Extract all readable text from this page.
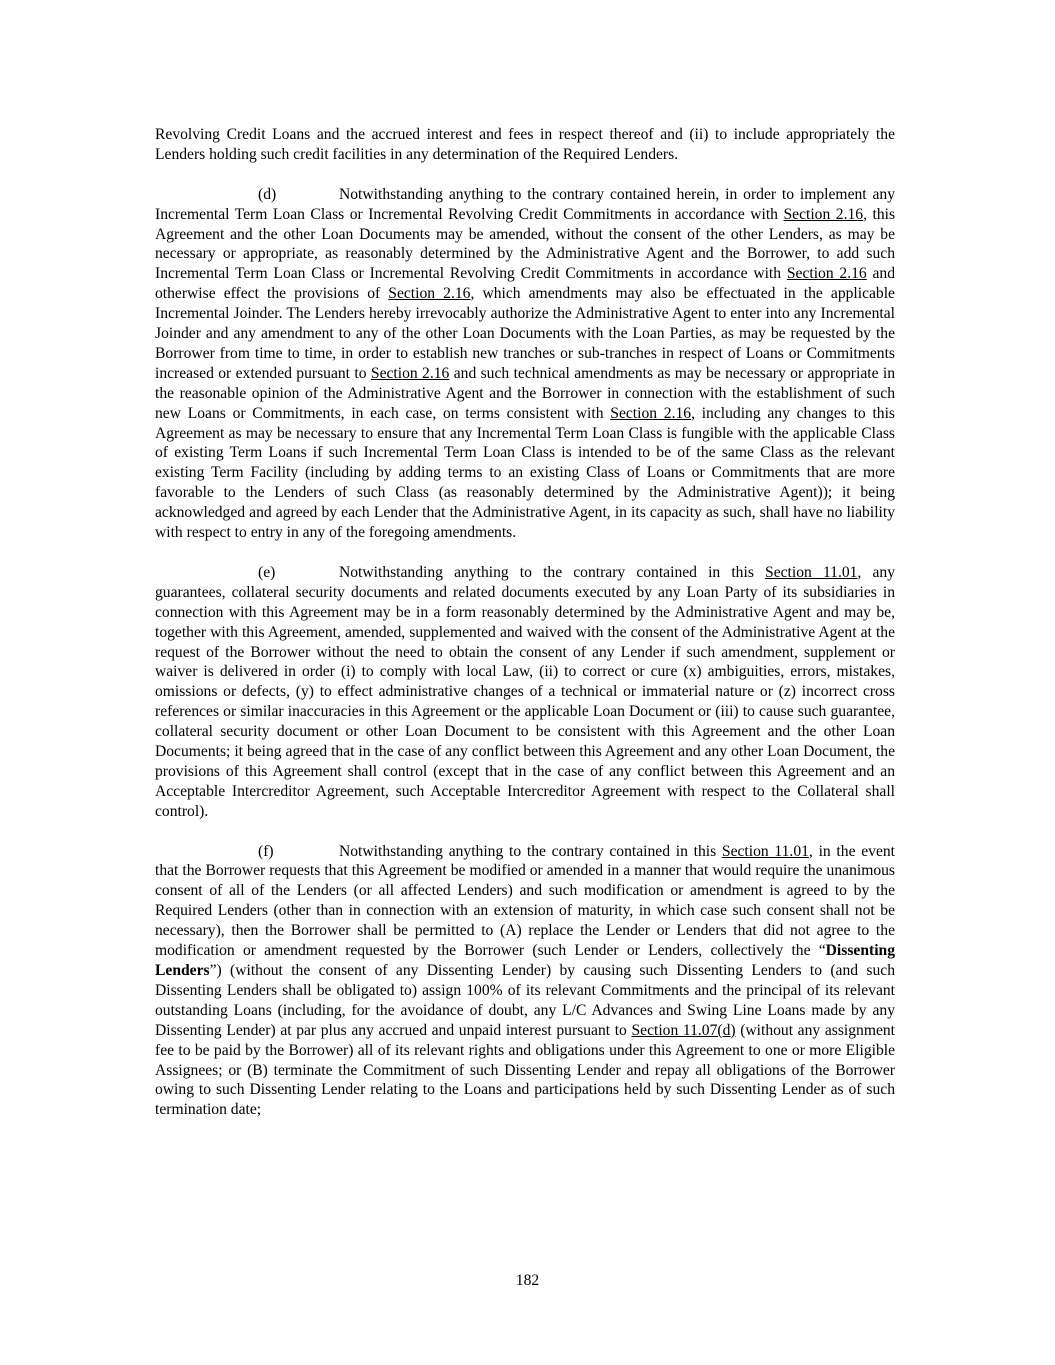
Revolving Credit Loans and the accrued interest and fees in respect thereof and (ii) to include appropriately the Lenders holding such credit facilities in any determination of the Required Lenders.

(d)	Notwithstanding anything to the contrary contained herein, in order to implement any Incremental Term Loan Class or Incremental Revolving Credit Commitments in accordance with Section 2.16, this Agreement and the other Loan Documents may be amended, without the consent of the other Lenders, as may be necessary or appropriate, as reasonably determined by the Administrative Agent and the Borrower, to add such Incremental Term Loan Class or Incremental Revolving Credit Commitments in accordance with Section 2.16 and otherwise effect the provisions of Section 2.16, which amendments may also be effectuated in the applicable Incremental Joinder. The Lenders hereby irrevocably authorize the Administrative Agent to enter into any Incremental Joinder and any amendment to any of the other Loan Documents with the Loan Parties, as may be requested by the Borrower from time to time, in order to establish new tranches or sub-tranches in respect of Loans or Commitments increased or extended pursuant to Section 2.16 and such technical amendments as may be necessary or appropriate in the reasonable opinion of the Administrative Agent and the Borrower in connection with the establishment of such new Loans or Commitments, in each case, on terms consistent with Section 2.16, including any changes to this Agreement as may be necessary to ensure that any Incremental Term Loan Class is fungible with the applicable Class of existing Term Loans if such Incremental Term Loan Class is intended to be of the same Class as the relevant existing Term Facility (including by adding terms to an existing Class of Loans or Commitments that are more favorable to the Lenders of such Class (as reasonably determined by the Administrative Agent)); it being acknowledged and agreed by each Lender that the Administrative Agent, in its capacity as such, shall have no liability with respect to entry in any of the foregoing amendments.

(e)	Notwithstanding anything to the contrary contained in this Section 11.01, any guarantees, collateral security documents and related documents executed by any Loan Party of its subsidiaries in connection with this Agreement may be in a form reasonably determined by the Administrative Agent and may be, together with this Agreement, amended, supplemented and waived with the consent of the Administrative Agent at the request of the Borrower without the need to obtain the consent of any Lender if such amendment, supplement or waiver is delivered in order (i) to comply with local Law, (ii) to correct or cure (x) ambiguities, errors, mistakes, omissions or defects, (y) to effect administrative changes of a technical or immaterial nature or (z) incorrect cross references or similar inaccuracies in this Agreement or the applicable Loan Document or (iii) to cause such guarantee, collateral security document or other Loan Document to be consistent with this Agreement and the other Loan Documents; it being agreed that in the case of any conflict between this Agreement and any other Loan Document, the provisions of this Agreement shall control (except that in the case of any conflict between this Agreement and an Acceptable Intercreditor Agreement, such Acceptable Intercreditor Agreement with respect to the Collateral shall control).

(f)	Notwithstanding anything to the contrary contained in this Section 11.01, in the event that the Borrower requests that this Agreement be modified or amended in a manner that would require the unanimous consent of all of the Lenders (or all affected Lenders) and such modification or amendment is agreed to by the Required Lenders (other than in connection with an extension of maturity, in which case such consent shall not be necessary), then the Borrower shall be permitted to (A) replace the Lender or Lenders that did not agree to the modification or amendment requested by the Borrower (such Lender or Lenders, collectively the “Dissenting Lenders”) (without the consent of any Dissenting Lender) by causing such Dissenting Lenders to (and such Dissenting Lenders shall be obligated to) assign 100% of its relevant Commitments and the principal of its relevant outstanding Loans (including, for the avoidance of doubt, any L/C Advances and Swing Line Loans made by any Dissenting Lender) at par plus any accrued and unpaid interest pursuant to Section 11.07(d) (without any assignment fee to be paid by the Borrower) all of its relevant rights and obligations under this Agreement to one or more Eligible Assignees; or (B) terminate the Commitment of such Dissenting Lender and repay all obligations of the Borrower owing to such Dissenting Lender relating to the Loans and participations held by such Dissenting Lender as of such termination date;

182
